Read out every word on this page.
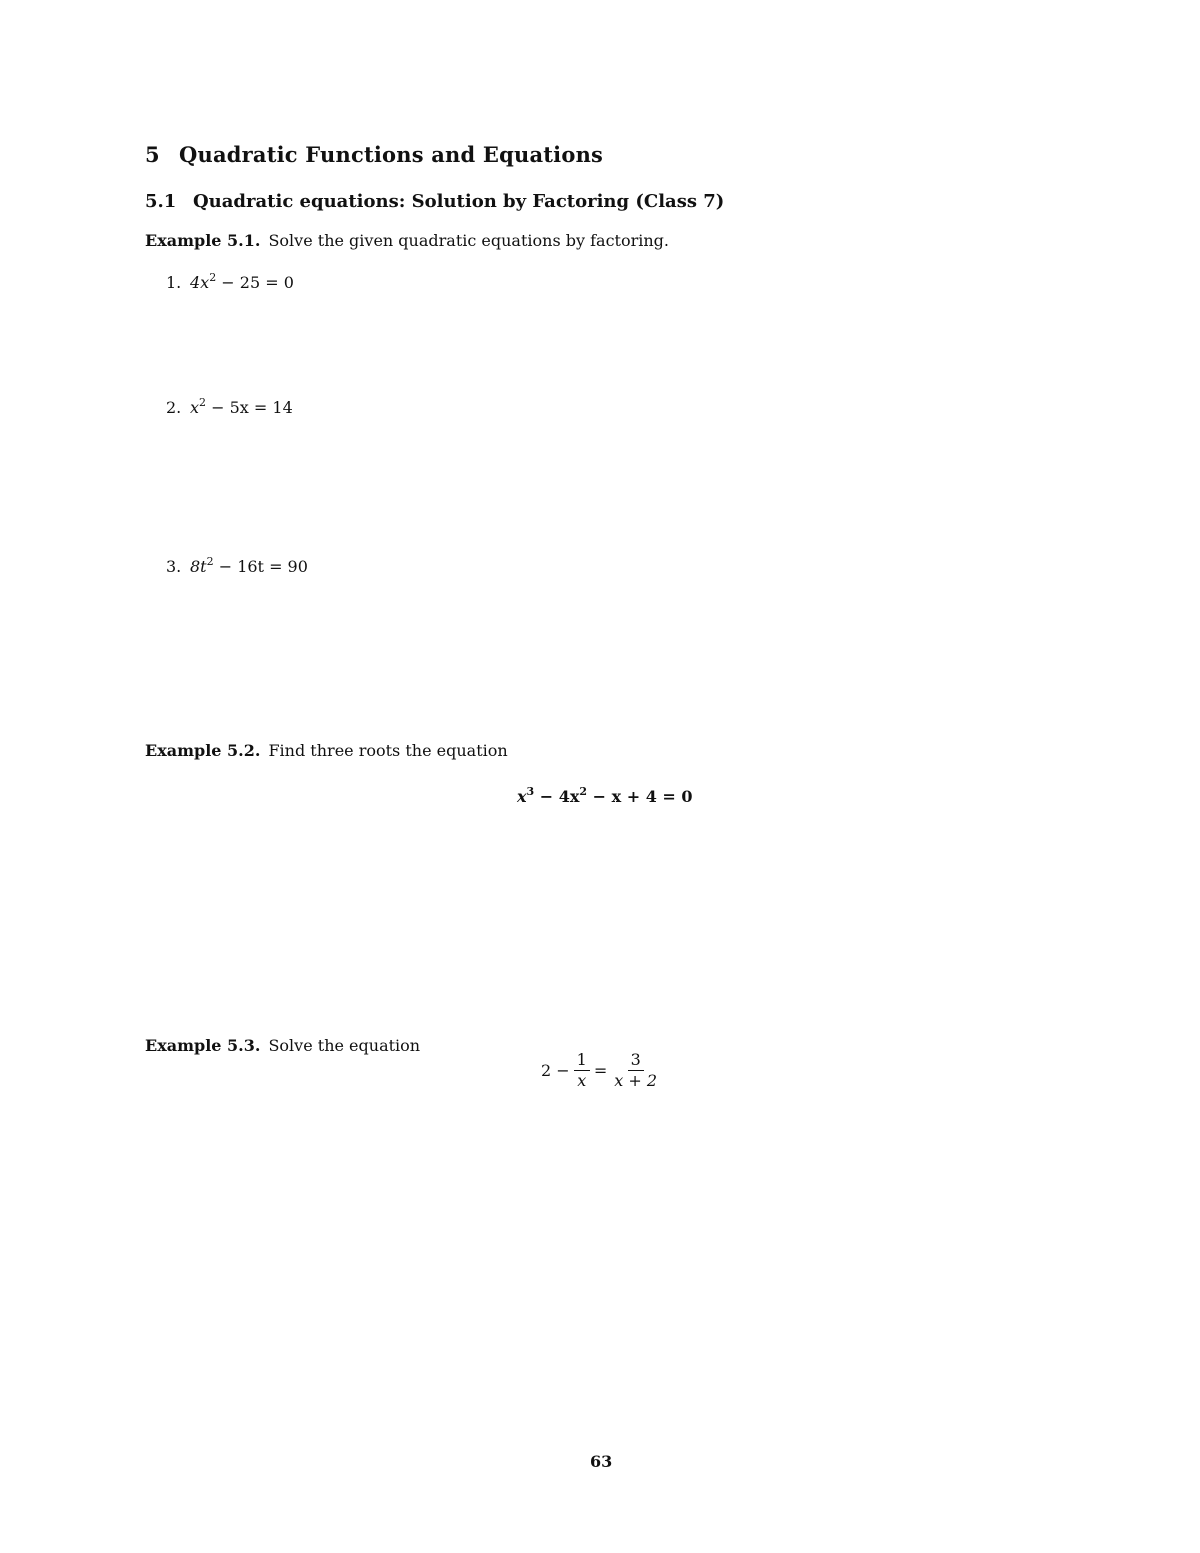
5 Quadratic Functions and Equations
5.1 Quadratic equations: Solution by Factoring (Class 7)
Example 5.1. Solve the given quadratic equations by factoring.
1. $4x^2 - 25 = 0$
2. $x^2 - 5x = 14$
3. $8t^2 - 16t = 90$
Example 5.2. Find three roots the equation
$x^3 - 4x^2 - x + 4 = 0$
Example 5.3. Solve the equation
$2 - \frac{1}{x} = \frac{3}{x + 2}$
63
